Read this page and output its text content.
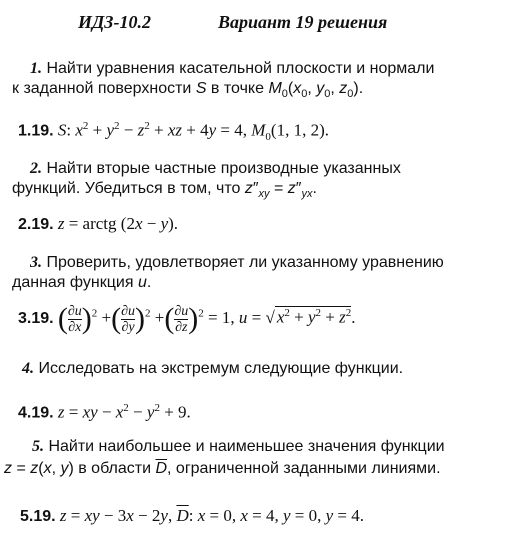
ИДЗ-10.2	Вариант 19 решения
1. Найти уравнения касательной плоскости и нормали
к заданной поверхности S в точке $M_0(x_0$, $y_0$, $z_0$).
1.19. S: $x^2 + y^2 - z^2$ + xz + 4y = 4, $M_0(1$, 1, 2).
2. Найти вторые частные производные указанных
функций. Убедиться в том, что $z''_{xy} = z''_{yx}$.
2.19. z = arctg (2x − y).
3. Проверить, удовлетворяет ли указанному уравнению
данная функция u.
3.19. ( $\frac{\partial u}{\partial x} )^2$ +( $\frac{\partial u}{\partial y} )^2$ +( $\frac{\partial u}{\partial z} )^2 = 1$, u = √ $x^2 + y^2 + z^2$.
4. Исследовать на экстремум следующие функции.
4.19. z = xy − $x^2 - y^2 + 9$.
5. Найти наибольшее и наименьшее значения функции
z = z(x, y) в области $\overline{D}$, ограниченной заданными линиями.
5.19. z = xy − 3x − 2y, $\overline{D}$: x = 0, x = 4, y = 0, y = 4.
